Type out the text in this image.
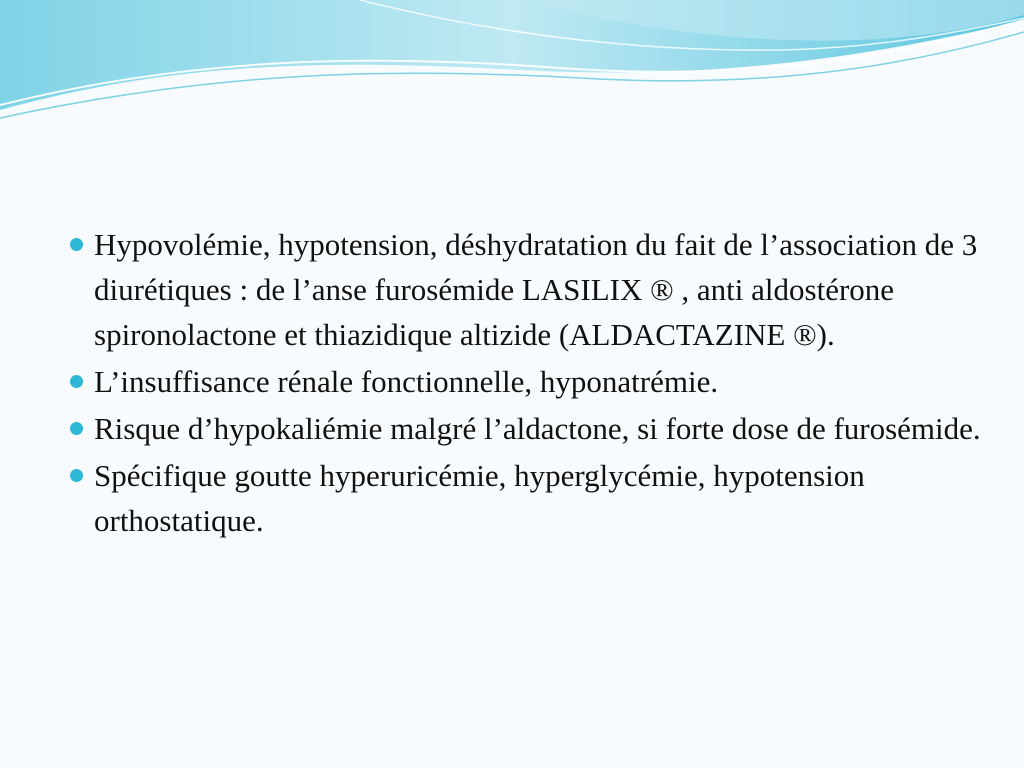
Hypovolémie, hypotension, déshydratation du fait de l’association de 3 diurétiques : de l’anse furosémide LASILIX ® , anti aldostérone spironolactone et thiazidique altizide (ALDACTAZINE ®).
L’insuffisance rénale fonctionnelle, hyponatrémie.
Risque d’hypokaliémie malgré l’aldactone, si forte dose de furosémide.
Spécifique goutte hyperuricémie, hyperglycémie, hypotension orthostatique.
